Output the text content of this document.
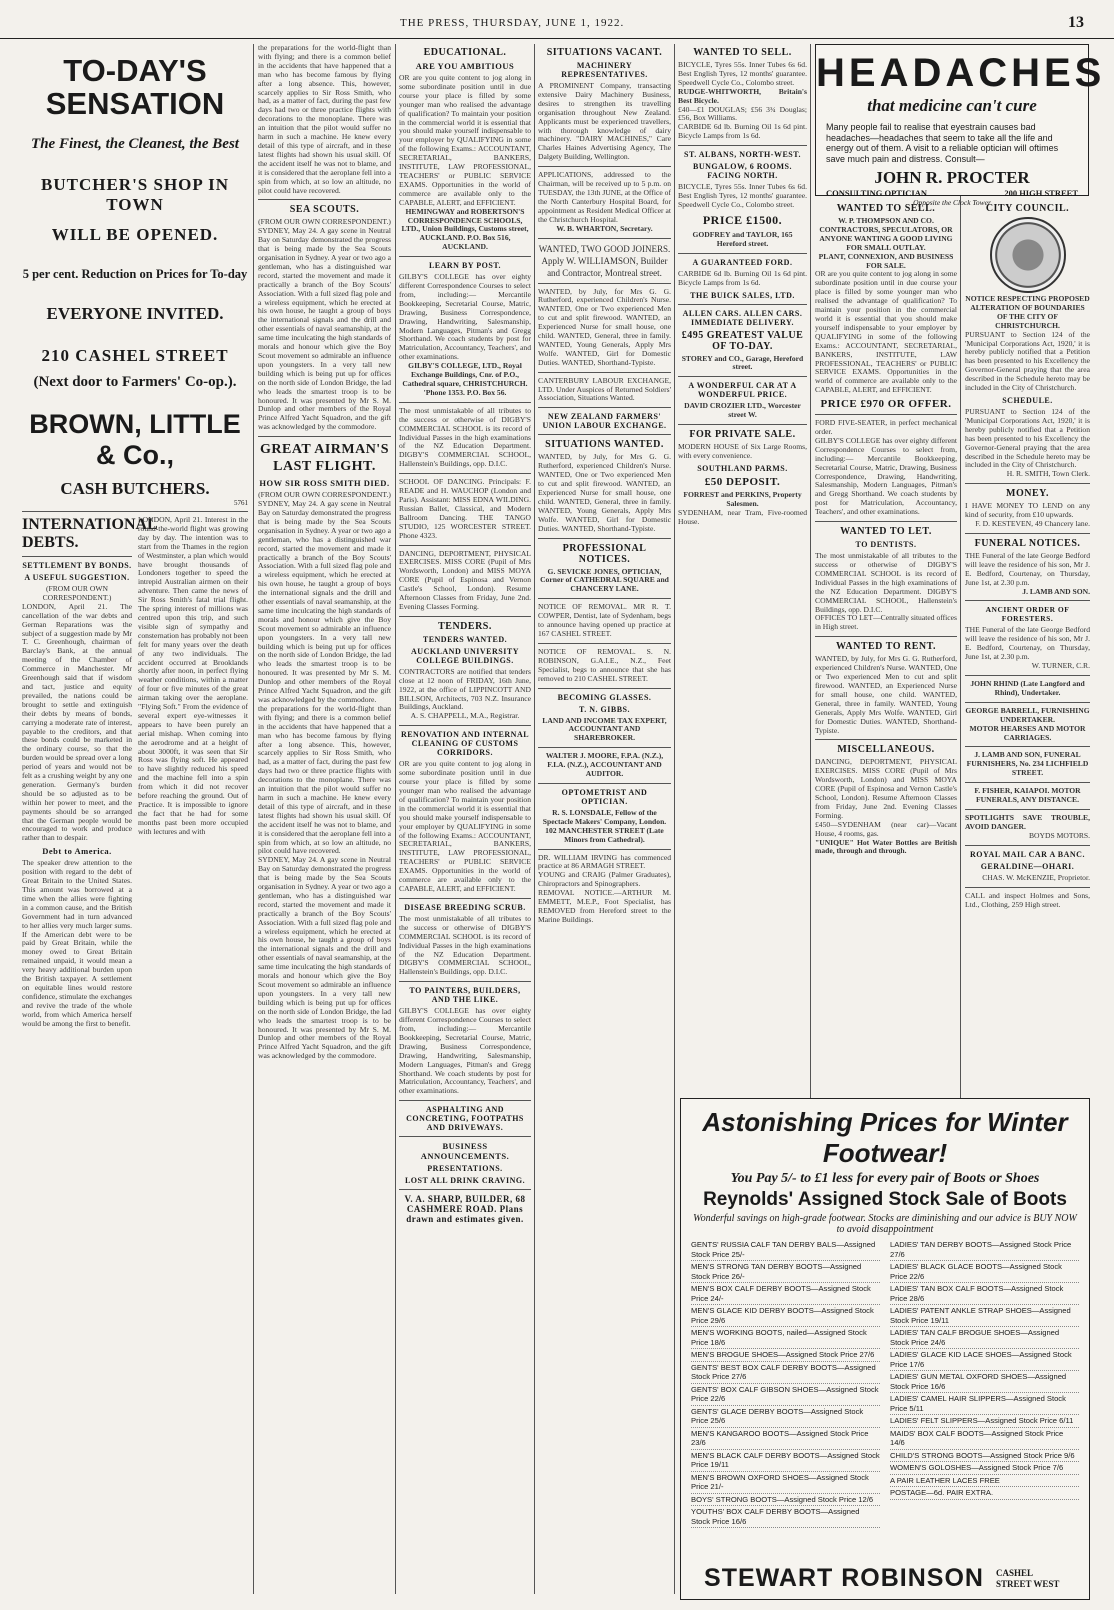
THE PRESS, THURSDAY, JUNE 1, 1922.	13
TO-DAY'S SENSATION
The Finest, the Cleanest, the Best
BUTCHER'S SHOP IN TOWN
WILL BE OPENED.
5 per cent. Reduction on Prices for To-day
EVERYONE INVITED.
210 CASHEL STREET
(Next door to Farmers' Co-op.).
BROWN, LITTLE & Co.,
CASH BUTCHERS.
5761
INTERNATIONAL DEBTS.
SETTLEMENT BY BONDS.
A USEFUL SUGGESTION.
(FROM OUR OWN CORRESPONDENT.)
LONDON, April 21. The cancellation of the war debts and German Reparations was the subject of a suggestion made by Mr T. C. Greenhough, chairman of Barclay's Bank, at the annual meeting of the Chamber of Commerce in Manchester. Mr Greenhough said that if wisdom and tact, justice and equity prevailed, the nations could be brought to settle and extinguish their debts by means of bonds, carrying a moderate rate of interest, payable to the creditors, and that these bonds could be marketed in the ordinary course, so that the burden would be spread over a long period of years and would not be felt as a crushing weight by any one generation. Germany's burden should be so adjusted as to be within her power to meet, and the payments should be so arranged that the German people would be encouraged to work and produce rather than to despair.
Debt to America.
The speaker drew attention to the position with regard to the debt of Great Britain to the United States. This amount was borrowed at a time when the allies were fighting in a common cause, and the British Government had in turn advanced to her allies very much larger sums. If the American debt were to be paid by Great Britain, while the money owed to Great Britain remained unpaid, it would mean a very heavy additional burden upon the British taxpayer. A settlement on equitable lines would restore confidence, stimulate the exchanges and revive the trade of the whole world, from which America herself would be among the first to benefit.
LONDON, April 21. Interest in the round-the-world flight was growing day by day. The intention was to start from the Thames in the region of Westminster, a plan which would have brought thousands of Londoners together to speed the intrepid Australian airmen on their adventure. Then came the news of Sir Ross Smith's fatal trial flight. The spring interest of millions was centred upon this trip, and such visible sign of sympathy and consternation has probably not been felt for many years over the death of any two individuals. The accident occurred at Brooklands shortly after noon, in perfect flying weather conditions, within a matter of four or five minutes of the great airman taking over the aeroplane. "Flying Soft." From the evidence of several expert eye-witnesses it appears to have been purely an aerial mishap. When coming into the aerodrome and at a height of about 3000ft, it was seen that Sir Ross was flying soft. He appeared to have slightly reduced his speed and the machine fell into a spin from which it did not recover before reaching the ground. Out of Practice. It is impossible to ignore the fact that he had for some months past been more occupied with lectures and with
the preparations for the world-flight than with flying; and there is a common belief in the accidents that have happened that a man who has become famous by flying after a long absence. This, however, scarcely applies to Sir Ross Smith, who had, as a matter of fact, during the past few days had two or three practice flights with decorations to the monoplane. There was an intuition that the pilot would suffer no harm in such a machine. He knew every detail of this type of aircraft, and in these latest flights had shown his usual skill. Of the accident itself he was not to blame, and it is considered that the aeroplane fell into a spin from which, at so low an altitude, no pilot could have recovered.
SEA SCOUTS.
(FROM OUR OWN CORRESPONDENT.)
SYDNEY, May 24. A gay scene in Neutral Bay on Saturday demonstrated the progress that is being made by the Sea Scouts organisation in Sydney. A year or two ago a gentleman, who has a distinguished war record, started the movement and made it practically a branch of the Boy Scouts' Association. With a full sized flag pole and a wireless equipment, which he erected at his own house, he taught a group of boys the international signals and the drill and other essentials of naval seamanship, at the same time inculcating the high standards of morals and honour which give the Boy Scout movement so admirable an influence upon youngsters. In a very tall new building which is being put up for offices on the north side of London Bridge, the lad who leads the smartest troop is to be honoured. It was presented by Mr S. M. Dunlop and other members of the Royal Prince Alfred Yacht Squadron, and the gift was acknowledged by the commodore.
GREAT AIRMAN'S LAST FLIGHT.
HOW SIR ROSS SMITH DIED.
(FROM OUR OWN CORRESPONDENT.)
SYDNEY, May 24. A gay scene in Neutral Bay on Saturday demonstrated the progress that is being made by the Sea Scouts organisation in Sydney. A year or two ago a gentleman, who has a distinguished war record, started the movement and made it practically a branch of the Boy Scouts' Association. With a full sized flag pole and a wireless equipment, which he erected at his own house, he taught a group of boys the international signals and the drill and other essentials of naval seamanship, at the same time inculcating the high standards of morals and honour which give the Boy Scout movement so admirable an influence upon youngsters. In a very tall new building which is being put up for offices on the north side of London Bridge, the lad who leads the smartest troop is to be honoured. It was presented by Mr S. M. Dunlop and other members of the Royal Prince Alfred Yacht Squadron, and the gift was acknowledged by the commodore.
the preparations for the world-flight than with flying; and there is a common belief in the accidents that have happened that a man who has become famous by flying after a long absence. This, however, scarcely applies to Sir Ross Smith, who had, as a matter of fact, during the past few days had two or three practice flights with decorations to the monoplane. There was an intuition that the pilot would suffer no harm in such a machine. He knew every detail of this type of aircraft, and in these latest flights had shown his usual skill. Of the accident itself he was not to blame, and it is considered that the aeroplane fell into a spin from which, at so low an altitude, no pilot could have recovered.
SYDNEY, May 24. A gay scene in Neutral Bay on Saturday demonstrated the progress that is being made by the Sea Scouts organisation in Sydney. A year or two ago a gentleman, who has a distinguished war record, started the movement and made it practically a branch of the Boy Scouts' Association. With a full sized flag pole and a wireless equipment, which he erected at his own house, he taught a group of boys the international signals and the drill and other essentials of naval seamanship, at the same time inculcating the high standards of morals and honour which give the Boy Scout movement so admirable an influence upon youngsters. In a very tall new building which is being put up for offices on the north side of London Bridge, the lad who leads the smartest troop is to be honoured. It was presented by Mr S. M. Dunlop and other members of the Royal Prince Alfred Yacht Squadron, and the gift was acknowledged by the commodore.
EDUCATIONAL.
ARE YOU AMBITIOUS
OR are you quite content to jog along in some subordinate position until in due course your place is filled by some younger man who realised the advantage of qualification? To maintain your position in the commercial world it is essential that you should make yourself indispensable to your employer by QUALIFYING in some of the following Exams.: ACCOUNTANT, SECRETARIAL, BANKERS, INSTITUTE, LAW PROFESSIONAL, TEACHERS' or PUBLIC SERVICE EXAMS. Opportunities in the world of commerce are available only to the CAPABLE, ALERT, and EFFICIENT.
HEMINGWAY and ROBERTSON'S CORRESPONDENCE SCHOOLS, LTD., Union Buildings, Customs street, AUCKLAND. P.O. Box 516, AUCKLAND.
LEARN BY POST.
GILBY'S COLLEGE has over eighty different Correspondence Courses to select from, including:— Mercantile Bookkeeping, Secretarial Course, Matric, Drawing, Business Correspondence, Drawing, Handwriting, Salesmanship, Modern Languages, Pitman's and Gregg Shorthand. We coach students by post for Matriculation, Accountancy, Teachers', and other examinations.
GILBY'S COLLEGE, LTD., Royal Exchange Buildings, Cnr. of P.O., Cathedral square, CHRISTCHURCH. 'Phone 1353. P.O. Box 56.
The most unmistakable of all tributes to the success or otherwise of DIGBY'S COMMERCIAL SCHOOL is its record of Individual Passes in the high examinations of the NZ Education Department. DIGBY'S COMMERCIAL SCHOOL, Hallenstein's Buildings, opp. D.I.C.
SCHOOL OF DANCING. Principals: F. READE and H. WAUCHOP (London and Paris). Assistant: MISS EDNA WILDING. Russian Ballet, Classical, and Modern Ballroom Dancing. THE TANGO STUDIO, 125 WORCESTER STREET. Phone 4323.
DANCING, DEPORTMENT, PHYSICAL EXERCISES. MISS CORE (Pupil of Mrs Wordsworth, London) and MISS MOYA CORE (Pupil of Espinosa and Vernon Castle's School, London). Resume Afternoon Classes from Friday, June 2nd. Evening Classes Forming.
TENDERS.
TENDERS WANTED.
AUCKLAND UNIVERSITY COLLEGE BUILDINGS.
CONTRACTORS are notified that tenders close at 12 noon of FRIDAY, 16th June, 1922, at the office of LIPPINCOTT AND BILLSON, Architects, 703 N.Z. Insurance Buildings, Auckland.
A. S. CHAPPELL, M.A., Registrar.
RENOVATION AND INTERNAL CLEANING OF CUSTOMS CORRIDORS.
OR are you quite content to jog along in some subordinate position until in due course your place is filled by some younger man who realised the advantage of qualification? To maintain your position in the commercial world it is essential that you should make yourself indispensable to your employer by QUALIFYING in some of the following Exams.: ACCOUNTANT, SECRETARIAL, BANKERS, INSTITUTE, LAW PROFESSIONAL, TEACHERS' or PUBLIC SERVICE EXAMS. Opportunities in the world of commerce are available only to the CAPABLE, ALERT, and EFFICIENT.
DISEASE BREEDING SCRUB.
The most unmistakable of all tributes to the success or otherwise of DIGBY'S COMMERCIAL SCHOOL is its record of Individual Passes in the high examinations of the NZ Education Department. DIGBY'S COMMERCIAL SCHOOL, Hallenstein's Buildings, opp. D.I.C.
TO PAINTERS, BUILDERS, AND THE LIKE.
GILBY'S COLLEGE has over eighty different Correspondence Courses to select from, including:— Mercantile Bookkeeping, Secretarial Course, Matric, Drawing, Business Correspondence, Drawing, Handwriting, Salesmanship, Modern Languages, Pitman's and Gregg Shorthand. We coach students by post for Matriculation, Accountancy, Teachers', and other examinations.
ASPHALTING AND CONCRETING, FOOTPATHS AND DRIVEWAYS.
BUSINESS ANNOUNCEMENTS.
PRESENTATIONS.
LOST ALL DRINK CRAVING.
V. A. SHARP, BUILDER, 68 CASHMERE ROAD. Plans drawn and estimates given.
SITUATIONS VACANT.
MACHINERY REPRESENTATIVES.
A PROMINENT Company, transacting extensive Dairy Machinery Business, desires to strengthen its travelling organisation throughout New Zealand. Applicants must be experienced travellers, with thorough knowledge of dairy machinery. "DAIRY MACHINES," Care Charles Haines Advertising Agency, The Dalgety Building, Wellington.
APPLICATIONS, addressed to the Chairman, will be received up to 5 p.m. on TUESDAY, the 13th JUNE, at the Office of the North Canterbury Hospital Board, for appointment as Resident Medical Officer at the Christchurch Hospital.
W. B. WHARTON, Secretary.
WANTED, TWO GOOD JOINERS. Apply W. WILLIAMSON, Builder and Contractor, Montreal street.
WANTED, by July, for Mrs G. G. Rutherford, experienced Children's Nurse. WANTED, One or Two experienced Men to cut and split firewood. WANTED, an Experienced Nurse for small house, one child. WANTED, General, three in family. WANTED, Young Generals, Apply Mrs Wolfe. WANTED, Girl for Domestic Duties. WANTED, Shorthand-Typiste.
CANTERBURY LABOUR EXCHANGE, LTD. Under Auspices of Returned Soldiers' Association, Situations Wanted.
NEW ZEALAND FARMERS' UNION LABOUR EXCHANGE.
SITUATIONS WANTED.
WANTED, by July, for Mrs G. G. Rutherford, experienced Children's Nurse. WANTED, One or Two experienced Men to cut and split firewood. WANTED, an Experienced Nurse for small house, one child. WANTED, General, three in family. WANTED, Young Generals, Apply Mrs Wolfe. WANTED, Girl for Domestic Duties. WANTED, Shorthand-Typiste.
PROFESSIONAL NOTICES.
G. SEVICKE JONES, OPTICIAN, Corner of CATHEDRAL SQUARE and CHANCERY LANE.
NOTICE OF REMOVAL. MR R. T. COWPER, Dentist, late of Sydenham, begs to announce having opened up practice at 167 CASHEL STREET.
NOTICE OF REMOVAL. S. N. ROBINSON, G.A.I.E., N.Z., Feet Specialist, begs to announce that she has removed to 210 CASHEL STREET.
BECOMING GLASSES.
T. N. GIBBS.
LAND AND INCOME TAX EXPERT, ACCOUNTANT AND SHAREBROKER.
WALTER J. MOORE, F.P.A. (N.Z.), F.I.A. (N.Z.), ACCOUNTANT AND AUDITOR.
OPTOMETRIST AND OPTICIAN.
R. S. LONSDALE, Fellow of the Spectacle Makers' Company, London. 102 MANCHESTER STREET (Late Minors from Cathedral).
DR. WILLIAM IRVING has commenced practice at 86 ARMAGH STREET.
YOUNG and CRAIG (Palmer Graduates), Chiropractors and Spinographers.
REMOVAL NOTICE.—ARTHUR M. EMMETT, M.E.P., Foot Specialist, has REMOVED from Hereford street to the Marine Buildings.
WANTED TO SELL.
BICYCLE, Tyres 55s. Inner Tubes 6s 6d. Best English Tyres, 12 months' guarantee. Speedwell Cycle Co., Colombo street.
RUDGE-WHITWORTH, Britain's Best Bicycle.
£40—£1 DOUGLAS; £56 3¾ Douglas; £56, Box Williams.
CARBIDE 6d lb. Burning Oil 1s 6d pint. Bicycle Lamps from 1s 6d.
ST. ALBANS, NORTH-WEST.
BUNGALOW, 6 ROOMS. FACING NORTH.
BICYCLE, Tyres 55s. Inner Tubes 6s 6d. Best English Tyres, 12 months' guarantee. Speedwell Cycle Co., Colombo street.
PRICE £1500.
GODFREY and TAYLOR, 165 Hereford street.
A GUARANTEED FORD.
CARBIDE 6d lb. Burning Oil 1s 6d pint. Bicycle Lamps from 1s 6d.
THE BUICK SALES, LTD.
ALLEN CARS. ALLEN CARS. IMMEDIATE DELIVERY.
£495 GREATEST VALUE OF TO-DAY.
STOREY and CO., Garage, Hereford street.
A WONDERFUL CAR AT A WONDERFUL PRICE.
DAVID CROZIER LTD., Worcester street W.
FOR PRIVATE SALE.
MODERN HOUSE of Six Large Rooms, with every convenience.
SOUTHLAND PARMS.
£50 DEPOSIT.
FORREST and PERKINS, Property Salesmen.
SYDENHAM, near Tram, Five-roomed House.
HEADACHES
that medicine can't cure
Many people fail to realise that eyestrain causes bad headaches—headaches that seem to take all the life and energy out of them. A visit to a reliable optician will oftimes save much pain and distress. Consult—
JOHN R. PROCTER
CONSULTING OPTICIAN	200 HIGH STREET
Opposite the Clock Tower
WANTED TO SELL.
W. P. THOMPSON AND CO.
CONTRACTORS, SPECULATORS, OR ANYONE WANTING A GOOD LIVING FOR SMALL OUTLAY.
PLANT, CONNEXION, AND BUSINESS FOR SALE.
OR are you quite content to jog along in some subordinate position until in due course your place is filled by some younger man who realised the advantage of qualification? To maintain your position in the commercial world it is essential that you should make yourself indispensable to your employer by QUALIFYING in some of the following Exams.: ACCOUNTANT, SECRETARIAL, BANKERS, INSTITUTE, LAW PROFESSIONAL, TEACHERS' or PUBLIC SERVICE EXAMS. Opportunities in the world of commerce are available only to the CAPABLE, ALERT, and EFFICIENT.
PRICE £970 OR OFFER.
FORD FIVE-SEATER, in perfect mechanical order.
GILBY'S COLLEGE has over eighty different Correspondence Courses to select from, including:— Mercantile Bookkeeping, Secretarial Course, Matric, Drawing, Business Correspondence, Drawing, Handwriting, Salesmanship, Modern Languages, Pitman's and Gregg Shorthand. We coach students by post for Matriculation, Accountancy, Teachers', and other examinations.
WANTED TO LET.
TO DENTISTS.
The most unmistakable of all tributes to the success or otherwise of DIGBY'S COMMERCIAL SCHOOL is its record of Individual Passes in the high examinations of the NZ Education Department. DIGBY'S COMMERCIAL SCHOOL, Hallenstein's Buildings, opp. D.I.C.
OFFICES TO LET—Centrally situated offices in High street.
WANTED TO RENT.
WANTED, by July, for Mrs G. G. Rutherford, experienced Children's Nurse. WANTED, One or Two experienced Men to cut and split firewood. WANTED, an Experienced Nurse for small house, one child. WANTED, General, three in family. WANTED, Young Generals, Apply Mrs Wolfe. WANTED, Girl for Domestic Duties. WANTED, Shorthand-Typiste.
MISCELLANEOUS.
DANCING, DEPORTMENT, PHYSICAL EXERCISES. MISS CORE (Pupil of Mrs Wordsworth, London) and MISS MOYA CORE (Pupil of Espinosa and Vernon Castle's School, London). Resume Afternoon Classes from Friday, June 2nd. Evening Classes Forming.
£450—SYDENHAM (near car)—Vacant House, 4 rooms, gas.
"UNIQUE" Hot Water Bottles are British made, through and through.
CITY COUNCIL.
NOTICE RESPECTING PROPOSED ALTERATION OF BOUNDARIES OF THE CITY OF CHRISTCHURCH.
PURSUANT to Section 124 of the 'Municipal Corporations Act, 1920,' it is hereby publicly notified that a Petition has been presented to his Excellency the Governor-General praying that the area described in the Schedule hereto may be included in the City of Christchurch.
SCHEDULE.
PURSUANT to Section 124 of the 'Municipal Corporations Act, 1920,' it is hereby publicly notified that a Petition has been presented to his Excellency the Governor-General praying that the area described in the Schedule hereto may be included in the City of Christchurch.
H. R. SMITH, Town Clerk.
MONEY.
I HAVE MONEY TO LEND on any kind of security, from £10 upwards.
F. D. KESTEVEN, 49 Chancery lane.
FUNERAL NOTICES.
THE Funeral of the late George Bedford will leave the residence of his son, Mr J. E. Bedford, Courtenay, on Thursday, June 1st, at 2.30 p.m.
J. LAMB AND SON.
ANCIENT ORDER OF FORESTERS.
THE Funeral of the late George Bedford will leave the residence of his son, Mr J. E. Bedford, Courtenay, on Thursday, June 1st, at 2.30 p.m.
W. TURNER, C.R.
JOHN RHIND (Late Langford and Rhind), Undertaker.
GEORGE BARRELL, FURNISHING UNDERTAKER.
MOTOR HEARSES AND MOTOR CARRIAGES.
J. LAMB AND SON, FUNERAL FURNISHERS, No. 234 LICHFIELD STREET.
F. FISHER, KAIAPOI. MOTOR FUNERALS, ANY DISTANCE.
SPOTLIGHTS SAVE TROUBLE, AVOID DANGER.
BOYDS MOTORS.
ROYAL MAIL CAR A BANC.
GERALDINE—OHARI.
CHAS. W. McKENZIE, Proprietor.
CALL and inspect Holmes and Sons, Ltd., Clothing, 259 High street.
Astonishing Prices for Winter Footwear!
You Pay 5/- to £1 less for every pair of Boots or Shoes
Reynolds' Assigned Stock Sale of Boots
Wonderful savings on high-grade footwear. Stocks are diminishing and our advice is BUY NOW to avoid disappointment
GENTS' RUSSIA CALF TAN DERBY BALS—Assigned Stock Price 25/-
MEN'S STRONG TAN DERBY BOOTS—Assigned Stock Price 26/-
MEN'S BOX CALF DERBY BOOTS—Assigned Stock Price 24/-
MEN'S GLACE KID DERBY BOOTS—Assigned Stock Price 29/6
MEN'S WORKING BOOTS, nailed—Assigned Stock Price 18/6
MEN'S BROGUE SHOES—Assigned Stock Price 27/6
GENTS' BEST BOX CALF DERBY BOOTS—Assigned Stock Price 27/6
GENTS' BOX CALF GIBSON SHOES—Assigned Stock Price 22/6
GENTS' GLACE DERBY BOOTS—Assigned Stock Price 25/6
MEN'S KANGAROO BOOTS—Assigned Stock Price 23/6
MEN'S BLACK CALF DERBY BOOTS—Assigned Stock Price 19/11
MEN'S BROWN OXFORD SHOES—Assigned Stock Price 21/-
BOYS' STRONG BOOTS—Assigned Stock Price 12/6
YOUTHS' BOX CALF DERBY BOOTS—Assigned Stock Price 16/6
LADIES' TAN DERBY BOOTS—Assigned Stock Price 27/6
LADIES' BLACK GLACE BOOTS—Assigned Stock Price 22/6
LADIES' TAN BOX CALF BOOTS—Assigned Stock Price 28/6
LADIES' PATENT ANKLE STRAP SHOES—Assigned Stock Price 19/11
LADIES' TAN CALF BROGUE SHOES—Assigned Stock Price 24/6
LADIES' GLACE KID LACE SHOES—Assigned Stock Price 17/6
LADIES' GUN METAL OXFORD SHOES—Assigned Stock Price 16/6
LADIES' CAMEL HAIR SLIPPERS—Assigned Stock Price 5/11
LADIES' FELT SLIPPERS—Assigned Stock Price 6/11
MAIDS' BOX CALF BOOTS—Assigned Stock Price 14/6
CHILD'S STRONG BOOTS—Assigned Stock Price 9/6
WOMEN'S GOLOSHES—Assigned Stock Price 7/6
A PAIR LEATHER LACES FREE
POSTAGE—6d. PAIR EXTRA.
STEWART ROBINSON CASHEL STREET WEST
